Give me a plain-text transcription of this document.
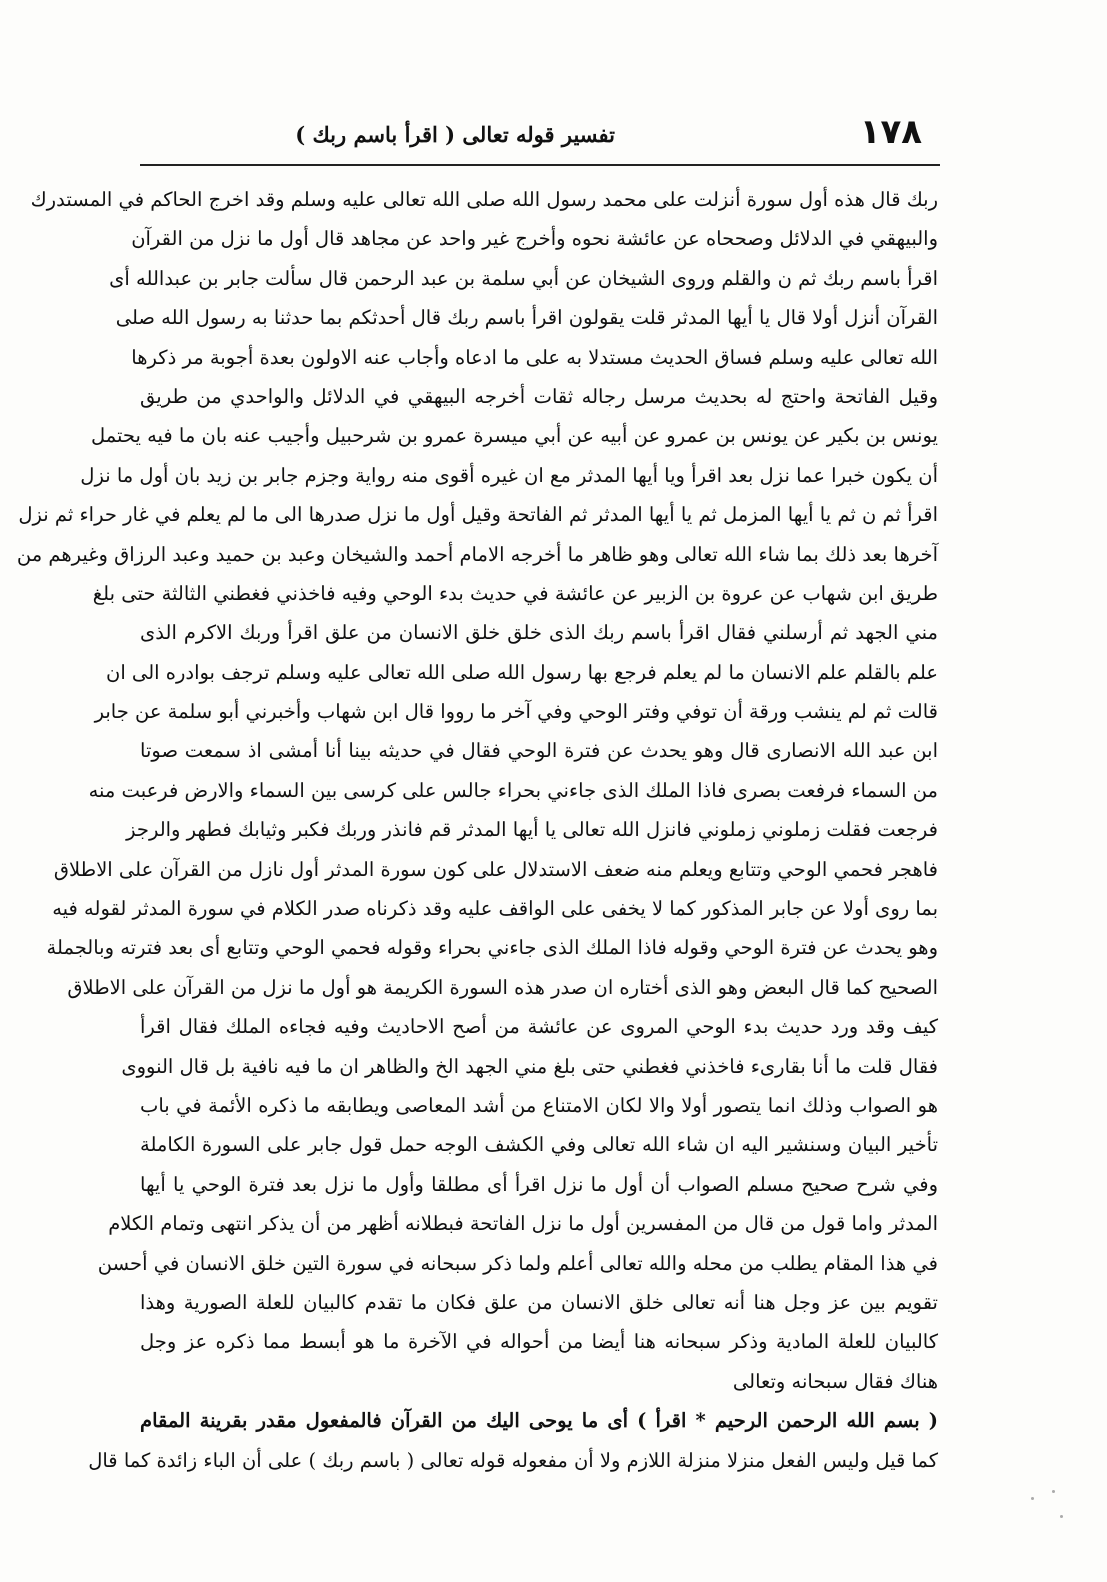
١٧٨
تفسير قوله تعالى ( اقرأ باسم ربك )
ربك قال هذه أول سورة أنزلت على محمد رسول الله صلى الله تعالى عليه وسلم وقد اخرج الحاكم في المستدرك
والبيهقي في الدلائل وصححاه عن عائشة نحوه وأخرج غير واحد عن مجاهد قال أول ما نزل من القرآن
اقرأ باسم ربك ثم ن والقلم وروى الشيخان عن أبي سلمة بن عبد الرحمن قال سألت جابر بن عبدالله أى
القرآن أنزل أولا قال يا أيها المدثر قلت يقولون اقرأ باسم ربك قال أحدثكم بما حدثنا به رسول الله صلى
الله تعالى عليه وسلم فساق الحديث مستدلا به على ما ادعاه وأجاب عنه الاولون بعدة أجوبة مر ذكرها
وقيل الفاتحة واحتج له بحديث مرسل رجاله ثقات أخرجه البيهقي في الدلائل والواحدي من طريق
يونس بن بكير عن يونس بن عمرو عن أبيه عن أبي ميسرة عمرو بن شرحبيل وأجيب عنه بان ما فيه يحتمل
أن يكون خبرا عما نزل بعد اقرأ ويا أيها المدثر مع ان غيره أقوى منه رواية وجزم جابر بن زيد بان أول ما نزل
اقرأ ثم ن ثم يا أيها المزمل ثم يا أيها المدثر ثم الفاتحة وقيل أول ما نزل صدرها الى ما لم يعلم في غار حراء ثم نزل
آخرها بعد ذلك بما شاء الله تعالى وهو ظاهر ما أخرجه الامام أحمد والشيخان وعبد بن حميد وعبد الرزاق وغيرهم من
طريق ابن شهاب عن عروة بن الزبير عن عائشة في حديث بدء الوحي وفيه فاخذني فغطني الثالثة حتى بلغ
مني الجهد ثم أرسلني فقال اقرأ باسم ربك الذى خلق خلق الانسان من علق اقرأ وربك الاكرم الذى
علم بالقلم علم الانسان ما لم يعلم فرجع بها رسول الله صلى الله تعالى عليه وسلم ترجف بوادره الى ان
قالت ثم لم ينشب ورقة أن توفي وفتر الوحي وفي آخر ما رووا قال ابن شهاب وأخبرني أبو سلمة عن جابر
ابن عبد الله الانصارى قال وهو يحدث عن فترة الوحي فقال في حديثه بينا أنا أمشى اذ سمعت صوتا
من السماء فرفعت بصرى فاذا الملك الذى جاءني بحراء جالس على كرسى بين السماء والارض فرعبت منه
فرجعت فقلت زملوني زملوني فانزل الله تعالى يا أيها المدثر قم فانذر وربك فكبر وثيابك فطهر والرجز
فاهجر فحمي الوحي وتتابع ويعلم منه ضعف الاستدلال على كون سورة المدثر أول نازل من القرآن على الاطلاق
بما روى أولا عن جابر المذكور كما لا يخفى على الواقف عليه وقد ذكرناه صدر الكلام في سورة المدثر لقوله فيه
وهو يحدث عن فترة الوحي وقوله فاذا الملك الذى جاءني بحراء وقوله فحمي الوحي وتتابع أى بعد فترته وبالجملة
الصحيح كما قال البعض وهو الذى أختاره ان صدر هذه السورة الكريمة هو أول ما نزل من القرآن على الاطلاق
كيف وقد ورد حديث بدء الوحي المروى عن عائشة من أصح الاحاديث وفيه فجاءه الملك فقال اقرأ
فقال قلت ما أنا بقارىء فاخذني فغطني حتى بلغ مني الجهد الخ والظاهر ان ما فيه نافية بل قال النووى
هو الصواب وذلك انما يتصور أولا والا لكان الامتناع من أشد المعاصى ويطابقه ما ذكره الأئمة في باب
تأخير البيان وسنشير اليه ان شاء الله تعالى وفي الكشف الوجه حمل قول جابر على السورة الكاملة
وفي شرح صحيح مسلم الصواب أن أول ما نزل اقرأ أى مطلقا وأول ما نزل بعد فترة الوحي يا أيها
المدثر واما قول من قال من المفسرين أول ما نزل الفاتحة فبطلانه أظهر من أن يذكر انتهى وتمام الكلام
في هذا المقام يطلب من محله والله تعالى أعلم ولما ذكر سبحانه في سورة التين خلق الانسان في أحسن
تقويم بين عز وجل هنا أنه تعالى خلق الانسان من علق فكان ما تقدم كالبيان للعلة الصورية وهذا
كالبيان للعلة المادية وذكر سبحانه هنا أيضا من أحواله في الآخرة ما هو أبسط مما ذكره عز وجل
هناك فقال سبحانه وتعالى
( بسم الله الرحمن الرحيم * اقرأ ) أى ما يوحى اليك من القرآن فالمفعول مقدر بقرينة المقام
كما قيل وليس الفعل منزلا منزلة اللازم ولا أن مفعوله قوله تعالى ( باسم ربك ) على أن الباء زائدة كما قال
